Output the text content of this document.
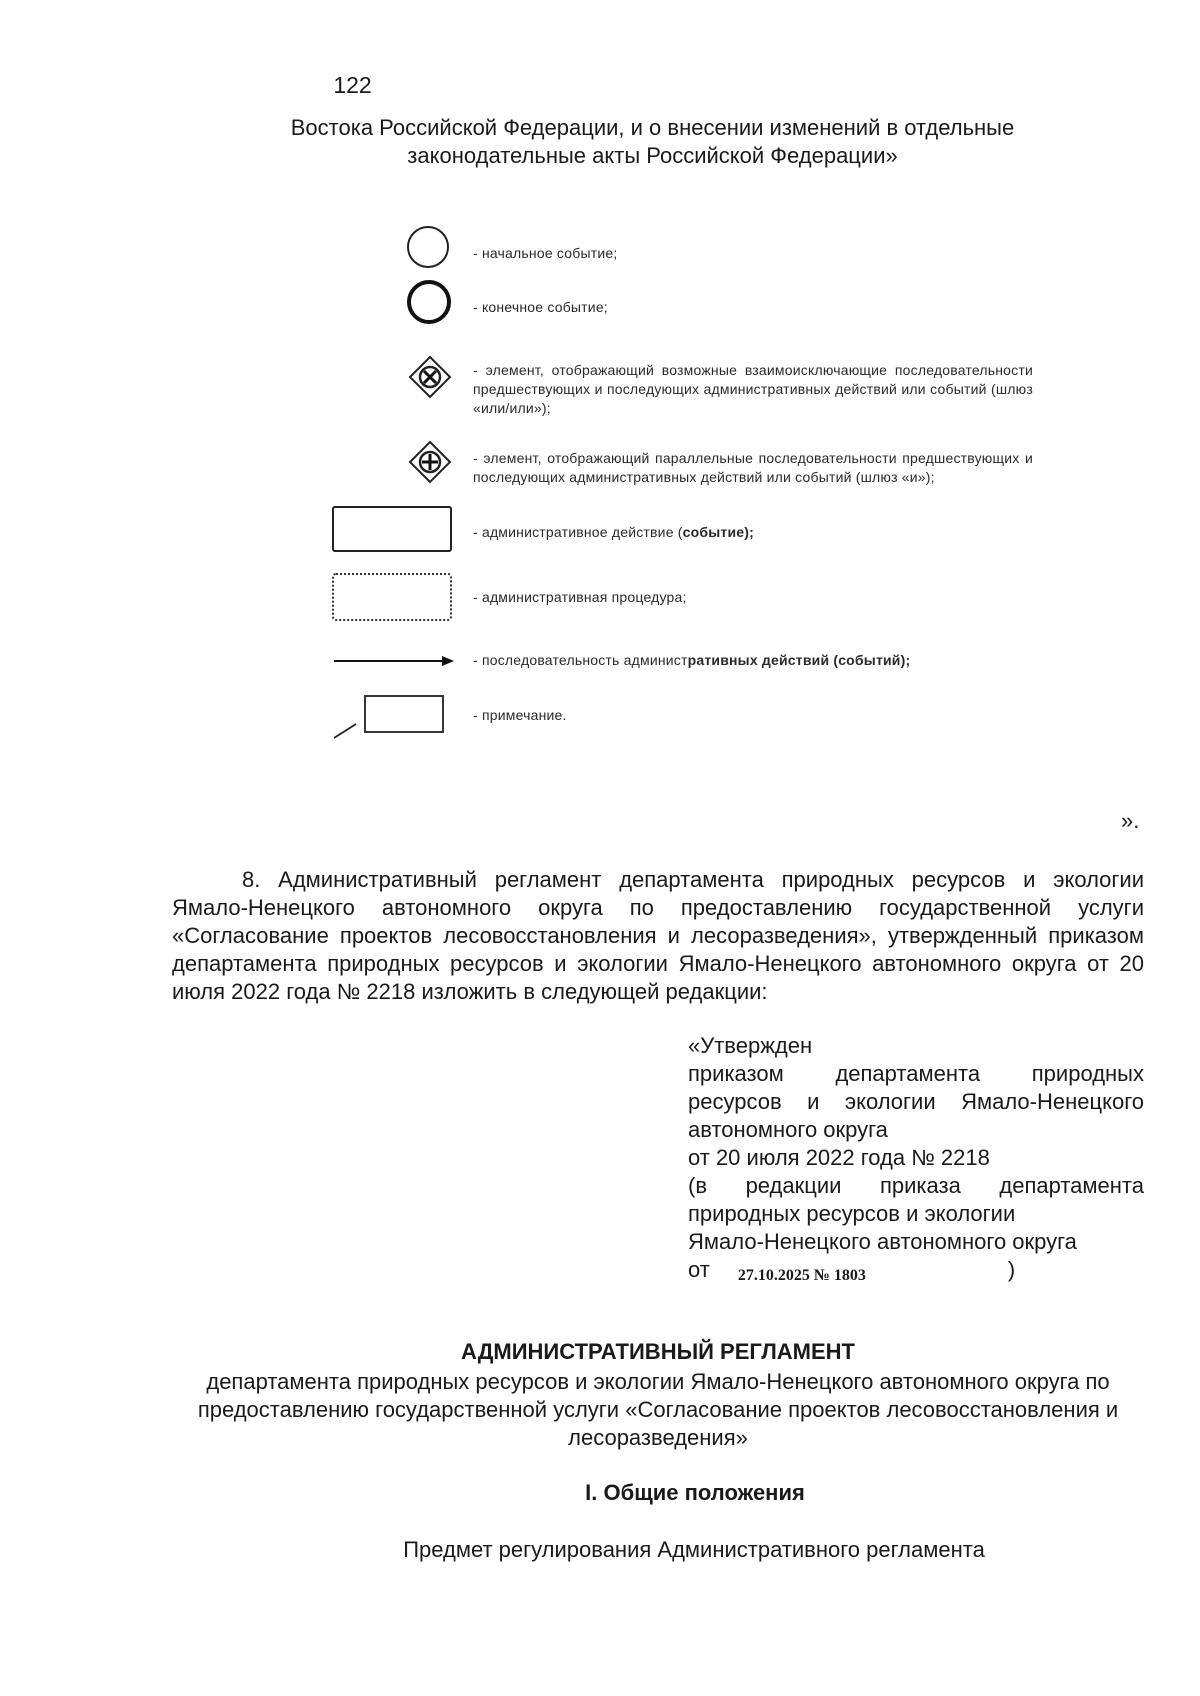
122
Востока Российской Федерации, и о внесении изменений в отдельные законодательные акты Российской Федерации»
- начальное событие;
- конечное событие;
- элемент, отображающий возможные взаимоисключающие последовательности предшествующих и последующих административных действий или событий (шлюз «или/или»);
- элемент, отображающий параллельные последовательности предшествующих и последующих административных действий или событий (шлюз «и»);
- административное действие (событие);
- административная процедура;
- последовательность административных действий (событий);
- примечание.
».
8. Административный регламент департамента природных ресурсов и экологии Ямало-Ненецкого автономного округа по предоставлению государственной услуги «Согласование проектов лесовосстановления и лесоразведения», утвержденный приказом департамента природных ресурсов и экологии Ямало-Ненецкого автономного округа от 20 июля 2022 года № 2218 изложить в следующей редакции:
«Утвержден
приказом департамента природных
ресурсов и экологии Ямало-Ненецкого
автономного округа
от 20 июля 2022 года № 2218
(в редакции приказа департамента
природных ресурсов и экологии
Ямало-Ненецкого автономного округа
от 27.10.2025 № 1803	)
АДМИНИСТРАТИВНЫЙ РЕГЛАМЕНТ
департамента природных ресурсов и экологии Ямало-Ненецкого автономного округа по предоставлению государственной услуги «Согласование проектов лесовосстановления и лесоразведения»
I. Общие положения
Предмет регулирования Административного регламента
